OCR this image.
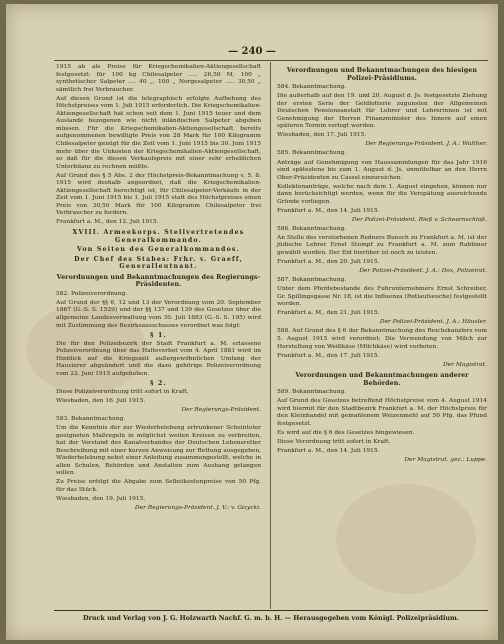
— 240 —

1915 ab als Preise für Kriegschemikalien-Aktiengesellschaft festgesetzt: für 100 kg Chilesalpeter ..... 26,50 M, 100 „ synthetischer Salpeter .... 40 „, 100 „ Norgesalpeter ..... 30,50 „ sämtlich frei Verbraucher.

Auf diesen Grund ist die telegraphisch erfolgte Aufhebung des Höchstpreises vom 1. Juli 1915 erforderlich. Die Kriegschemikalien-Aktiengesellschaft hat schon seit dem 1. Juni 1915 teuer und dem Auslande bezogenen wie nicht inländischen Salpeter abgeben müssen. Für die Kriegschemikalien-Aktiengesellschaft bereits aufgenommenen bewilligte Preis von 28 Mark für 100 Kilogramm Chilesalpeter genügt für die Zeit vom 1. Juni 1915 bis 30. Juni 1915 mehr über die Unkosten der Kriegschemikalien-Aktiengesellschaft, so daß für die diesen Verkaufspreis mit einer sehr erheblichen Unterbilanz zu rechnen müßte.

Auf Grund des § 5 Abs. 2 der Höchstpreis-Bekanntmachung v. 5. 8. 1915 wird deshalb angeordnet, daß die Kriegschemikalien-Aktiengesellschaft berechtigt ist, für Chilesalpeter-Verkäufe in der Zeit vom 1. Juni 1915 bis 1. Juli 1915 statt des Höchstpreises einen Preis von 30,50 Mark für 100 Kilogramm Chilesalpeter frei Verbraucher zu fordern.

Frankfurt a. M., den 12. Juli 1915.

XVIII. Armeekorps. Stellvertretendes Generalkommando.

Von Seiten des Generalkommandos.

Der Chef des Stabes: Frhr. v. Graeff, Generalleutnant.

Verordnungen und Bekanntmachungen des Regierungs-Präsidenten.

582. Polizeiverordnung.

Auf Grund der §§ 6, 12 und 13 der Verordnung vom 20. September 1867 (G.-S. S. 1529) und der §§ 137 und 139 des Gesetzes über die allgemeine Landesverwaltung vom 30. Juli 1883 (G.-S. S. 195) wird mit Zustimmung des Bezirksausschusses verordnet was folgt:

§ 1.

Die für den Polizeibezirk der Stadt Frankfurt a. M. erlassene Polizeiverordnung über das Halteverbot vom 4. April 1881 wird im Hinblick auf die Kriegszeit außergewöhnlichen Umfang der Hausierer abgeändert und die dazu gehörige Polizeiverordnung vom 22. Juni 1915 aufgehoben.

§ 2.

Diese Polizeiverordnung tritt sofort in Kraft.

Wiesbaden, den 16. Juli 1915.

Der Regierungs-Präsident.

583. Bekanntmachung.

Um die Kenntnis der zur Wiederbelebung ertrunkener Scheintoter geeigneten Maßregeln in möglichst weiten Kreisen zu verbreiten, hat der Vorstand des Kanalverbandes der Deutschen Lebensretter Beschreibung mit einer kurzen Anweisung zur Rettung ausgegeben, Wiederbelebung nebst einer Anleitung zusammengestellt, welche in allen Schulen, Behörden und Anstalten zum Aushang gelangen sollen.

Zu Preise erfolgt die Abgabe zum Selbstkostenpreise von 50 Pfg. für das Stück.

Wiesbaden, den 19. Juli 1915.

Der Regierungs-Präsident. J. V.: v. Gizycki.

Verordnungen und Bekanntmachungen des hiesigen Polizei-Präsidiums.

584. Bekanntmachung.

Die außerhalb auf den 19. und 20. August d. Js. festgesetzte Ziehung der ersten Serie der Geldlotterie zugunsten der Allgemeinen Deutschen Pensionsanstalt für Lehrer und Lehrerinnen ist mit Genehmigung der Herren Finanzminister des Innern auf einen späteren Termin verlegt worden.

Wiesbaden, den 17. Juli 1915.

Der Regierungs-Präsident. J. A.: Walther.

585. Bekanntmachung.

Anträge auf Genehmigung von Haussammlungen für das Jahr 1916 sind spätestens bis zum 1. August d. Js. unmittelbar an den Herrn Ober-Präsidenten zu Cassel einzureichen.

Kollektenanträge, welche nach dem 1. August eingehen, können nur dann berücksichtigt werden, wenn für die Verspätung ausreichende Gründe vorliegen.

Frankfurt a. M., den 14. Juli 1915.

Der Polizei-Präsident. Rieß v. Scheurnschloß.

586. Bekanntmachung.

An Stelle des verstorbenen Redners Bunsch zu Frankfurt a. M. ist der jüdische Lehrer Ernst Stumpf zu Frankfurt a. M. zum Rabbiner gewählt worden. Der Eid hierüber ist noch zu leisten.

Frankfurt a. M., den 20. Juli 1915.

Der Polizei-Präsident. J. A.: Dox, Polizeirat.

587. Bekanntmachung.

Unter dem Pferdebestande des Fuhrunternehmers Ernst Schreiber, Gr. Spillingsgasse Nr. 18, ist die Influenza (Rotlaufseuche) festgestellt worden.

Frankfurt a. M., den 21. Juli 1915.

Der Polizei-Präsident. J. A.: Häusler.

588. Auf Grund des § 6 der Bekanntmachung des Reichskanzlers vom 5. August 1915 wird verordnet: Die Verwendung von Milch zur Herstellung von Weißkäse (Milchkäse) wird verboten.

Frankfurt a. M., den 17. Juli 1915.

Der Magistrat.

Verordnungen und Bekanntmachungen anderer Behörden.

589. Bekanntmachung.

Auf Grund des Gesetzes betreffend Höchstpreise vom 4. August 1914 wird hiermit für den Stadtbezirk Frankfurt a. M. der Höchstpreis für den Kleinhandel mit gemahlenem Weizenmehl auf 50 Pfg. das Pfund festgesetzt.

Es wird auf die § 6 des Gesetzes hingewiesen.

Diese Verordnung tritt sofort in Kraft.

Frankfurt a. M., den 14. Juli 1915.

Der Magistrat. gez.: Luppe.

Druck und Verlag von J. G. Holzwarth Nachf. G. m. b. H. — Herausgegeben vom Königl. Polizeipräsidium.
